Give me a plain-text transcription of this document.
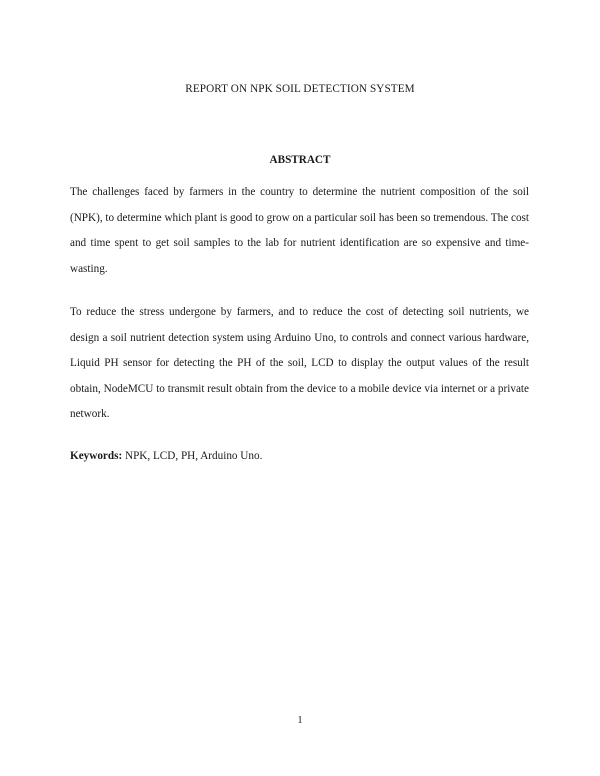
REPORT ON NPK SOIL DETECTION SYSTEM
ABSTRACT

The challenges faced by farmers in the country to determine the nutrient composition of the soil (NPK), to determine which plant is good to grow on a particular soil has been so tremendous. The cost and time spent to get soil samples to the lab for nutrient identification are so expensive and time-wasting.

To reduce the stress undergone by farmers, and to reduce the cost of detecting soil nutrients, we design a soil nutrient detection system using Arduino Uno, to controls and connect various hardware, Liquid PH sensor for detecting the PH of the soil, LCD to display the output values of the result obtain, NodeMCU to transmit result obtain from the device to a mobile device via internet or a private network.

Keywords: NPK, LCD, PH, Arduino Uno.

1
